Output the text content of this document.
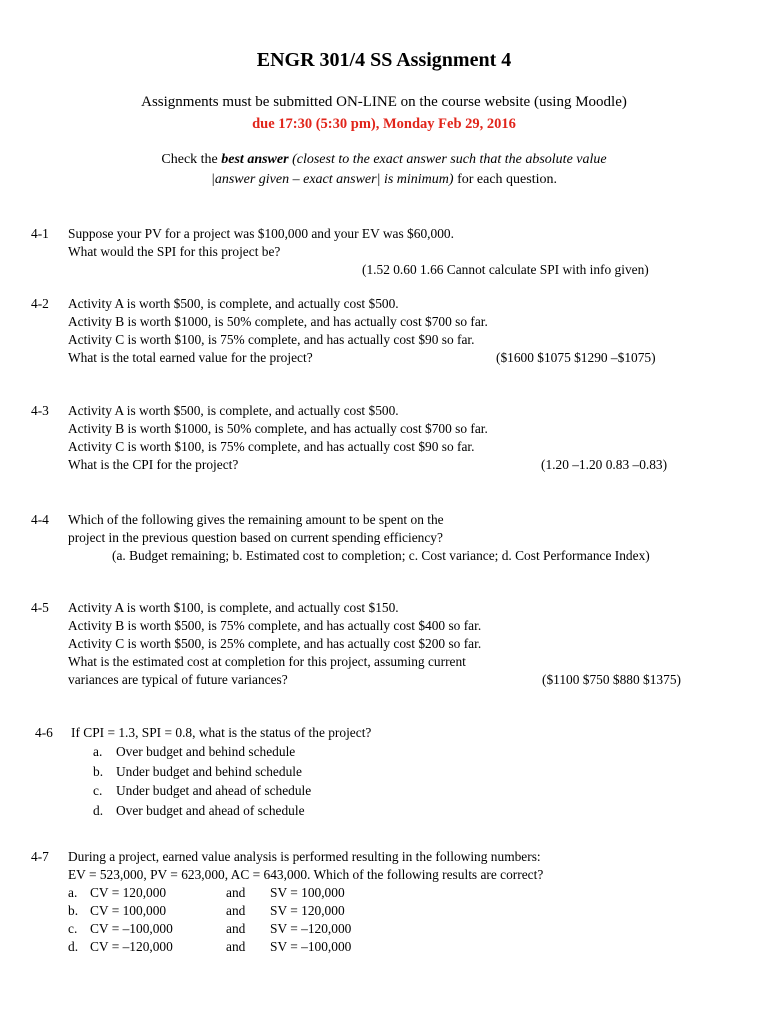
ENGR 301/4 SS Assignment 4
Assignments must be submitted ON-LINE on the course website (using Moodle)
due 17:30 (5:30 pm), Monday Feb 29, 2016
Check the best answer (closest to the exact answer such that the absolute value
|answer given – exact answer| is minimum) for each question.
4-1 Suppose your PV for a project was $100,000 and your EV was $60,000.
What would the SPI for this project be?
(1.52 0.60 1.66 Cannot calculate SPI with info given)
4-2 Activity A is worth $500, is complete, and actually cost $500.
Activity B is worth $1000, is 50% complete, and has actually cost $700 so far.
Activity C is worth $100, is 75% complete, and has actually cost $90 so far.
What is the total earned value for the project?	($1600 $1075 $1290 –$1075)
4-3 Activity A is worth $500, is complete, and actually cost $500.
Activity B is worth $1000, is 50% complete, and has actually cost $700 so far.
Activity C is worth $100, is 75% complete, and has actually cost $90 so far.
What is the CPI for the project?	(1.20 –1.20 0.83 –0.83)
4-4 Which of the following gives the remaining amount to be spent on the
project in the previous question based on current spending efficiency?
(a. Budget remaining; b. Estimated cost to completion; c. Cost variance; d. Cost Performance Index)
4-5 Activity A is worth $100, is complete, and actually cost $150.
Activity B is worth $500, is 75% complete, and has actually cost $400 so far.
Activity C is worth $500, is 25% complete, and has actually cost $200 so far.
What is the estimated cost at completion for this project, assuming current
variances are typical of future variances?	($1100 $750 $880 $1375)
4-6 If CPI = 1.3, SPI = 0.8, what is the status of the project?
a. Over budget and behind schedule
b. Under budget and behind schedule
c. Under budget and ahead of schedule
d. Over budget and ahead of schedule
4-7 During a project, earned value analysis is performed resulting in the following numbers:
EV = 523,000, PV = 623,000, AC = 643,000. Which of the following results are correct?
a. CV = 120,000	and SV = 100,000
b. CV = 100,000	and SV = 120,000
c. CV = –100,000	and SV = –120,000
d. CV = –120,000	and SV = –100,000
